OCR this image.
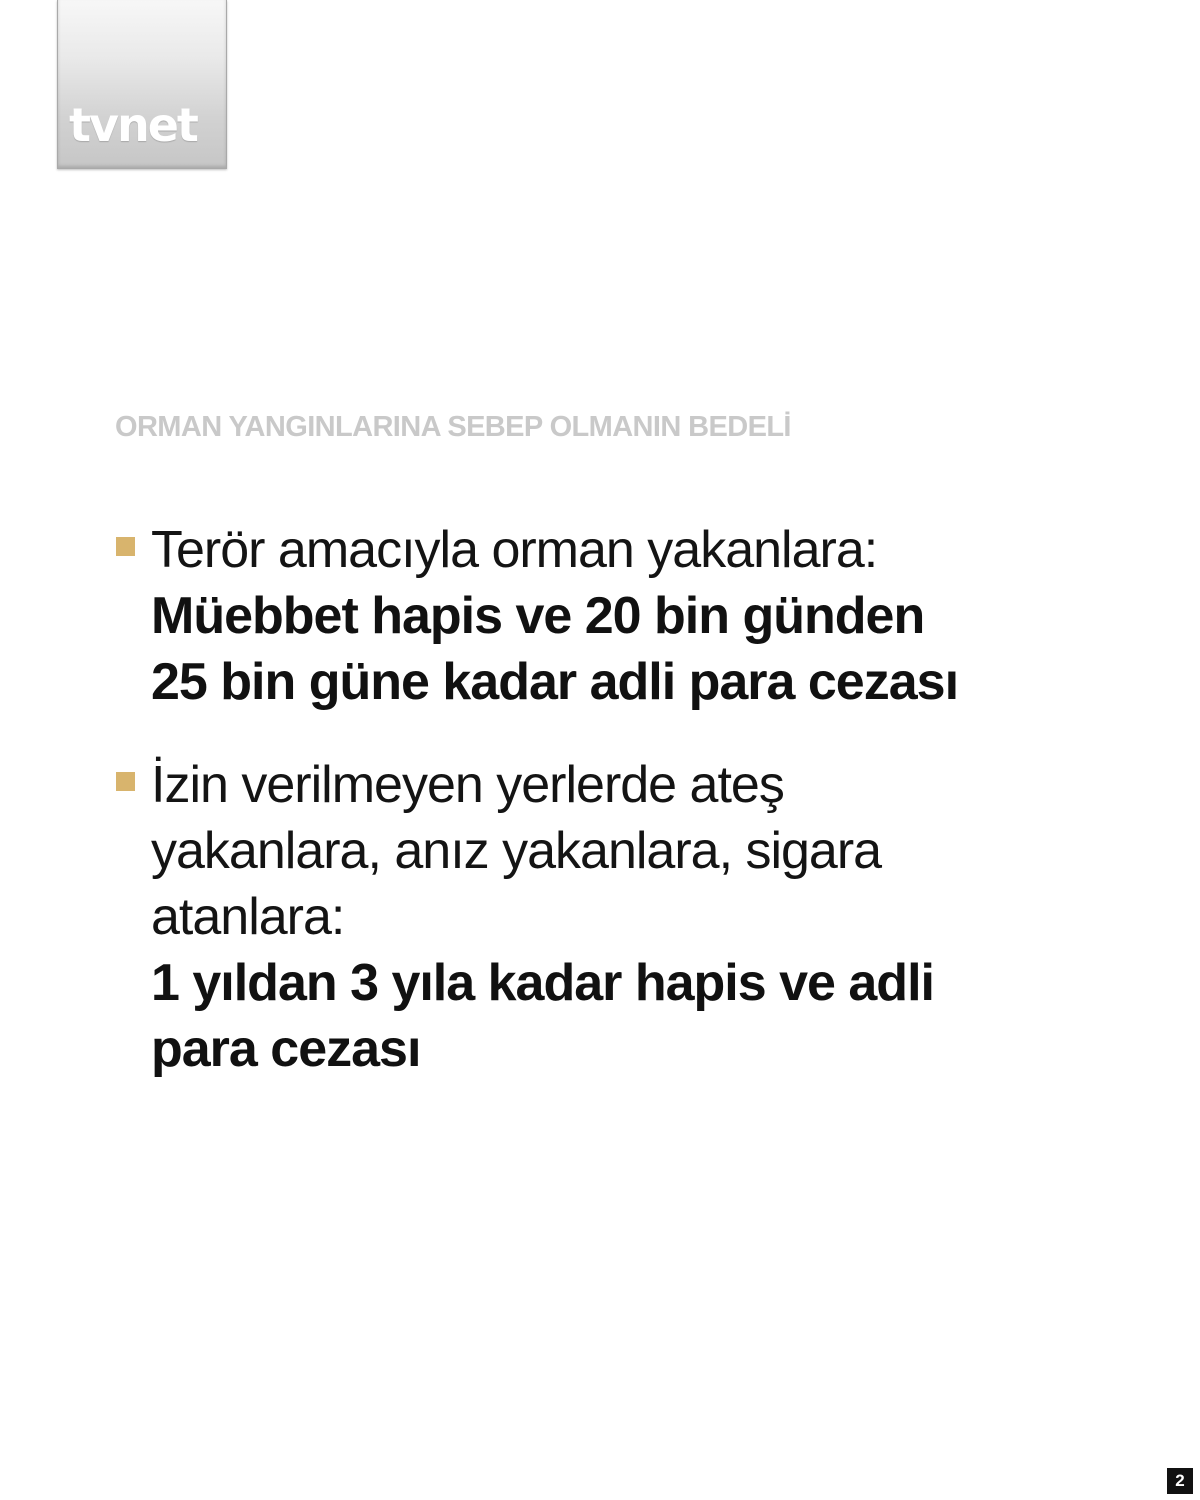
tvnet
ORMAN YANGINLARINA SEBEP OLMANIN BEDELİ
Terör amacıyla orman yakanlara:
Müebbet hapis ve 20 bin günden
25 bin güne kadar adli para cezası
İzin verilmeyen yerlerde ateş
yakanlara, anız yakanlara, sigara
atanlara:
1 yıldan 3 yıla kadar hapis ve adli
para cezası
2
